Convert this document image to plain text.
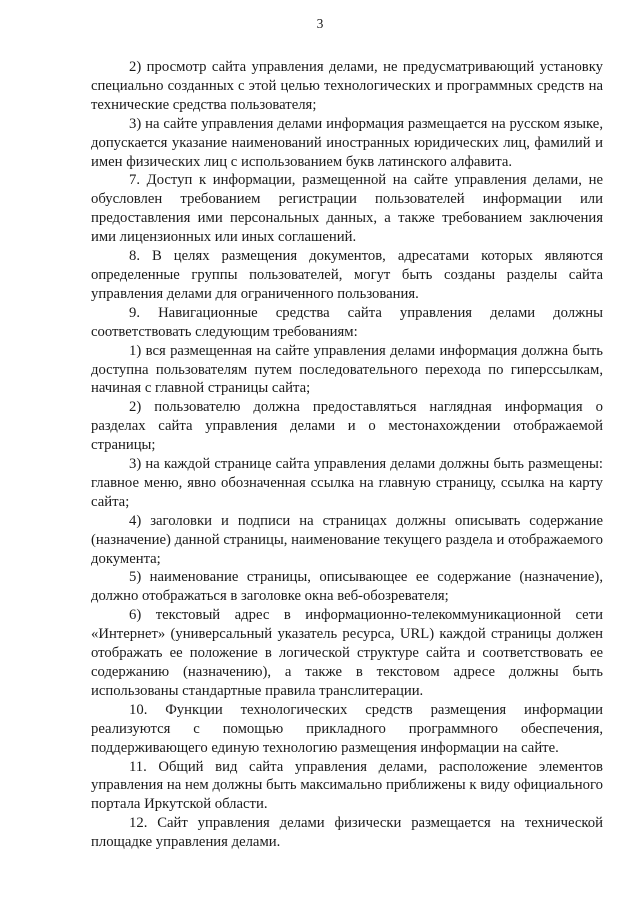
3

2) просмотр сайта управления делами, не предусматривающий установку специально созданных с этой целью технологических и программных средств на технические средства пользователя;

3) на сайте управления делами информация размещается на русском языке, допускается указание наименований иностранных юридических лиц, фамилий и имен физических лиц с использованием букв латинского алфавита.

7. Доступ к информации, размещенной на сайте управления делами, не обусловлен требованием регистрации пользователей информации или предоставления ими персональных данных, а также требованием заключения ими лицензионных или иных соглашений.

8. В целях размещения документов, адресатами которых являются определенные группы пользователей, могут быть созданы разделы сайта управления делами для ограниченного пользования.

9. Навигационные средства сайта управления делами должны соответствовать следующим требованиям:

1) вся размещенная на сайте управления делами информация должна быть доступна пользователям путем последовательного перехода по гиперссылкам, начиная с главной страницы сайта;

2) пользователю должна предоставляться наглядная информация о разделах сайта управления делами и о местонахождении отображаемой страницы;

3) на каждой странице сайта управления делами должны быть размещены: главное меню, явно обозначенная ссылка на главную страницу, ссылка на карту сайта;

4) заголовки и подписи на страницах должны описывать содержание (назначение) данной страницы, наименование текущего раздела и отображаемого документа;

5) наименование страницы, описывающее ее содержание (назначение), должно отображаться в заголовке окна веб-обозревателя;

6) текстовый адрес в информационно-телекоммуникационной сети «Интернет» (универсальный указатель ресурса, URL) каждой страницы должен отображать ее положение в логической структуре сайта и соответствовать ее содержанию (назначению), а также в текстовом адресе должны быть использованы стандартные правила транслитерации.

10. Функции технологических средств размещения информации реализуются с помощью прикладного программного обеспечения, поддерживающего единую технологию размещения информации на сайте.

11. Общий вид сайта управления делами, расположение элементов управления на нем должны быть максимально приближены к виду официального портала Иркутской области.

12. Сайт управления делами физически размещается на технической площадке управления делами.
